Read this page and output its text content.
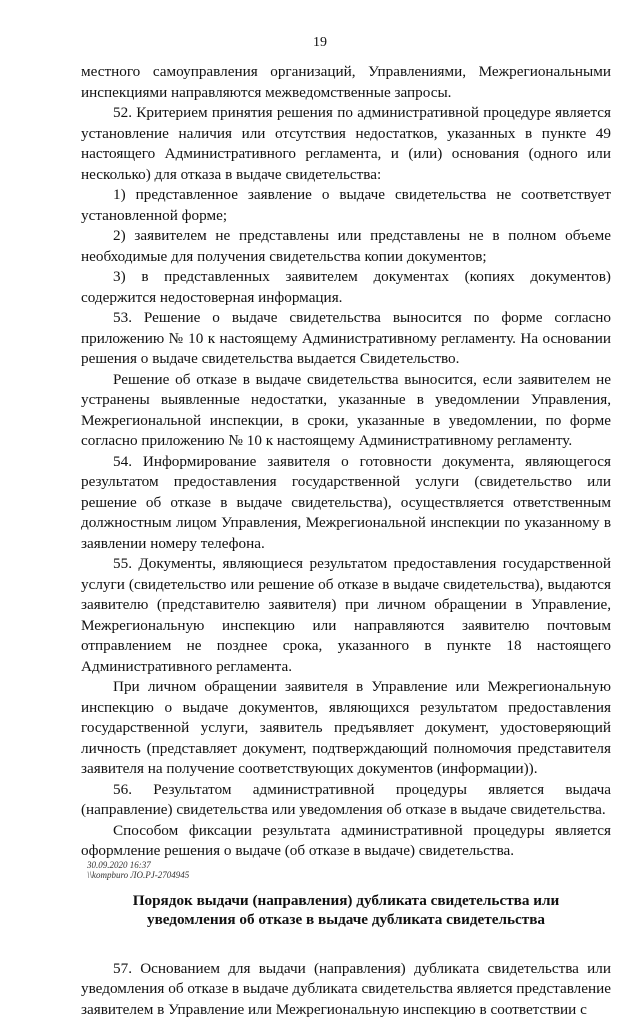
19

местного самоуправления организаций, Управлениями, Межрегиональными инспекциями направляются межведомственные запросы.

52. Критерием принятия решения по административной процедуре является установление наличия или отсутствия недостатков, указанных в пункте 49 настоящего Административного регламента, и (или) основания (одного или несколько) для отказа в выдаче свидетельства:

1) представленное заявление о выдаче свидетельства не соответствует установленной форме;

2) заявителем не представлены или представлены не в полном объеме необходимые для получения свидетельства копии документов;

3) в представленных заявителем документах (копиях документов) содержится недостоверная информация.

53. Решение о выдаче свидетельства выносится по форме согласно приложению № 10 к настоящему Административному регламенту. На основании решения о выдаче свидетельства выдается Свидетельство.

Решение об отказе в выдаче свидетельства выносится, если заявителем не устранены выявленные недостатки, указанные в уведомлении Управления, Межрегиональной инспекции, в сроки, указанные в уведомлении, по форме согласно приложению № 10 к настоящему Административному регламенту.

54. Информирование заявителя о готовности документа, являющегося результатом предоставления государственной услуги (свидетельство или решение об отказе в выдаче свидетельства), осуществляется ответственным должностным лицом Управления, Межрегиональной инспекции по указанному в заявлении номеру телефона.

55. Документы, являющиеся результатом предоставления государственной услуги (свидетельство или решение об отказе в выдаче свидетельства), выдаются заявителю (представителю заявителя) при личном обращении в Управление, Межрегиональную инспекцию или направляются заявителю почтовым отправлением не позднее срока, указанного в пункте 18 настоящего Административного регламента.

При личном обращении заявителя в Управление или Межрегиональную инспекцию о выдаче документов, являющихся результатом предоставления государственной услуги, заявитель предъявляет документ, удостоверяющий личность (представляет документ, подтверждающий полномочия представителя заявителя на получение соответствующих документов (информации)).

56. Результатом административной процедуры является выдача (направление) свидетельства или уведомления об отказе в выдаче свидетельства.

Способом фиксации результата административной процедуры является оформление решения о выдаче (об отказе в выдаче) свидетельства.

Порядок выдачи (направления) дубликата свидетельства или уведомления об отказе в выдаче дубликата свидетельства

57. Основанием для выдачи (направления) дубликата свидетельства или уведомления об отказе в выдаче дубликата свидетельства является представление заявителем в Управление или Межрегиональную инспекцию в соответствии с

30.09.2020 16:37
\\kompburo ЛО.РЈ-2704945
